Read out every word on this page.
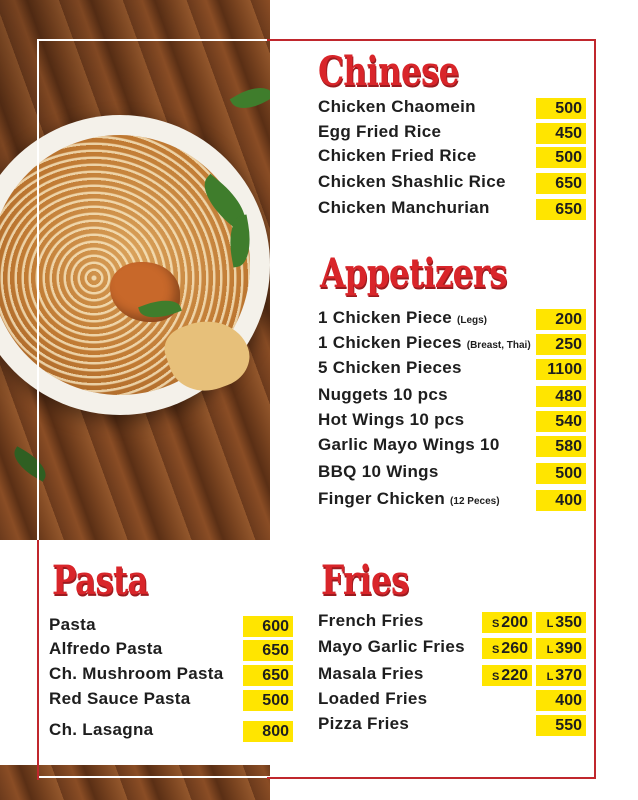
Chinese
Chicken Chaomein	500
Egg Fried Rice	450
Chicken Fried Rice	500
Chicken Shashlic Rice	650
Chicken Manchurian	650
Appetizers
1 Chicken Piece (Legs)	200
1 Chicken Pieces (Breast, Thai)	250
5 Chicken Pieces	1100
Nuggets 10 pcs	480
Hot Wings 10 pcs	540
Garlic Mayo Wings 10	580
BBQ 10 Wings	500
Finger Chicken (12 Peces)	400
Pasta
Pasta	600
Alfredo Pasta	650
Ch. Mushroom Pasta	650
Red Sauce Pasta	500
Ch. Lasagna	800
Fries
French Fries	S 200	L 350
Mayo Garlic Fries	S 260	L 390
Masala Fries	S 220	L 370
Loaded Fries	400
Pizza Fries	550
